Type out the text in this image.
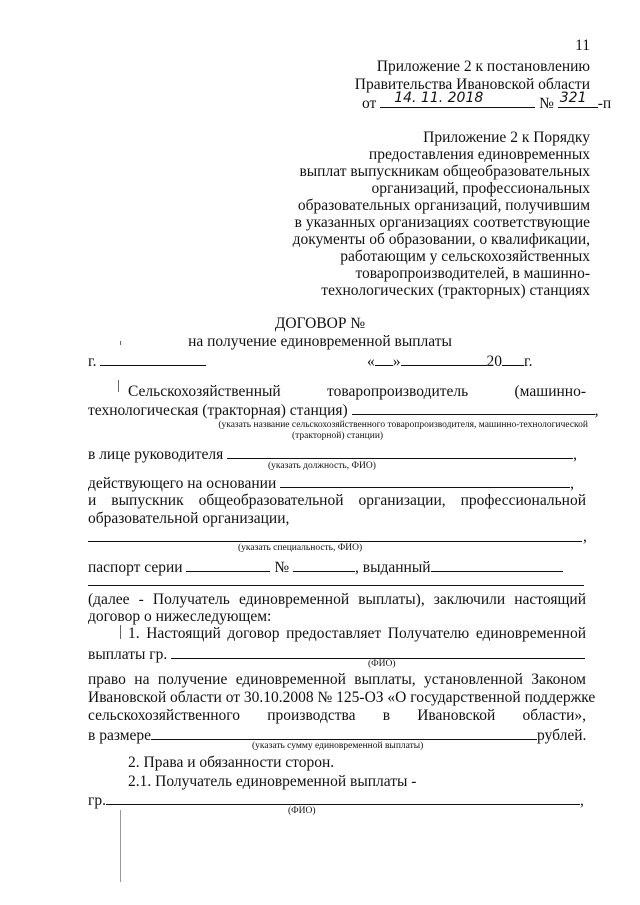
11
Приложение 2 к постановлению
Правительства Ивановской области
от 14. 11. 2018	№ 321 -п
Приложение 2 к Порядку
предоставления единовременных
выплат выпускникам общеобразовательных
организаций, профессиональных
образовательных организаций, получившим
в указанных организациях соответствующие
документы об образовании, о квалификации,
работающим у сельскохозяйственных
товаропроизводителей, в машинно-
технологических (тракторных) станциях
ДОГОВОР №
на получение единовременной выплаты
г.	« »	20 г.
Сельскохозяйственный товаропроизводитель (машинно-
технологическая (тракторная) станция)	,
(указать название сельскохозяйственного товаропроизводителя, машинно-технологической
(тракторной) станции)
в лице руководителя	,
(указать должность, ФИО)
действующего на основании	,
и выпускник общеобразовательной организации, профессиональной
образовательной организации,
,
(указать специальность, ФИО)
паспорт серии	№	, выданный
(далее - Получатель единовременной выплаты), заключили настоящий
договор о нижеследующем:
1. Настоящий договор предоставляет Получателю единовременной
выплаты гр.
(ФИО)
право на получение единовременной выплаты, установленной Законом
Ивановской области от 30.10.2008 № 125-ОЗ «О государственной поддержке
сельскохозяйственного производства в Ивановской области»,
в размере	рублей.
(указать сумму единовременной выплаты)
2. Права и обязанности сторон.
2.1. Получатель единовременной выплаты -
гр.	,
(ФИО)
